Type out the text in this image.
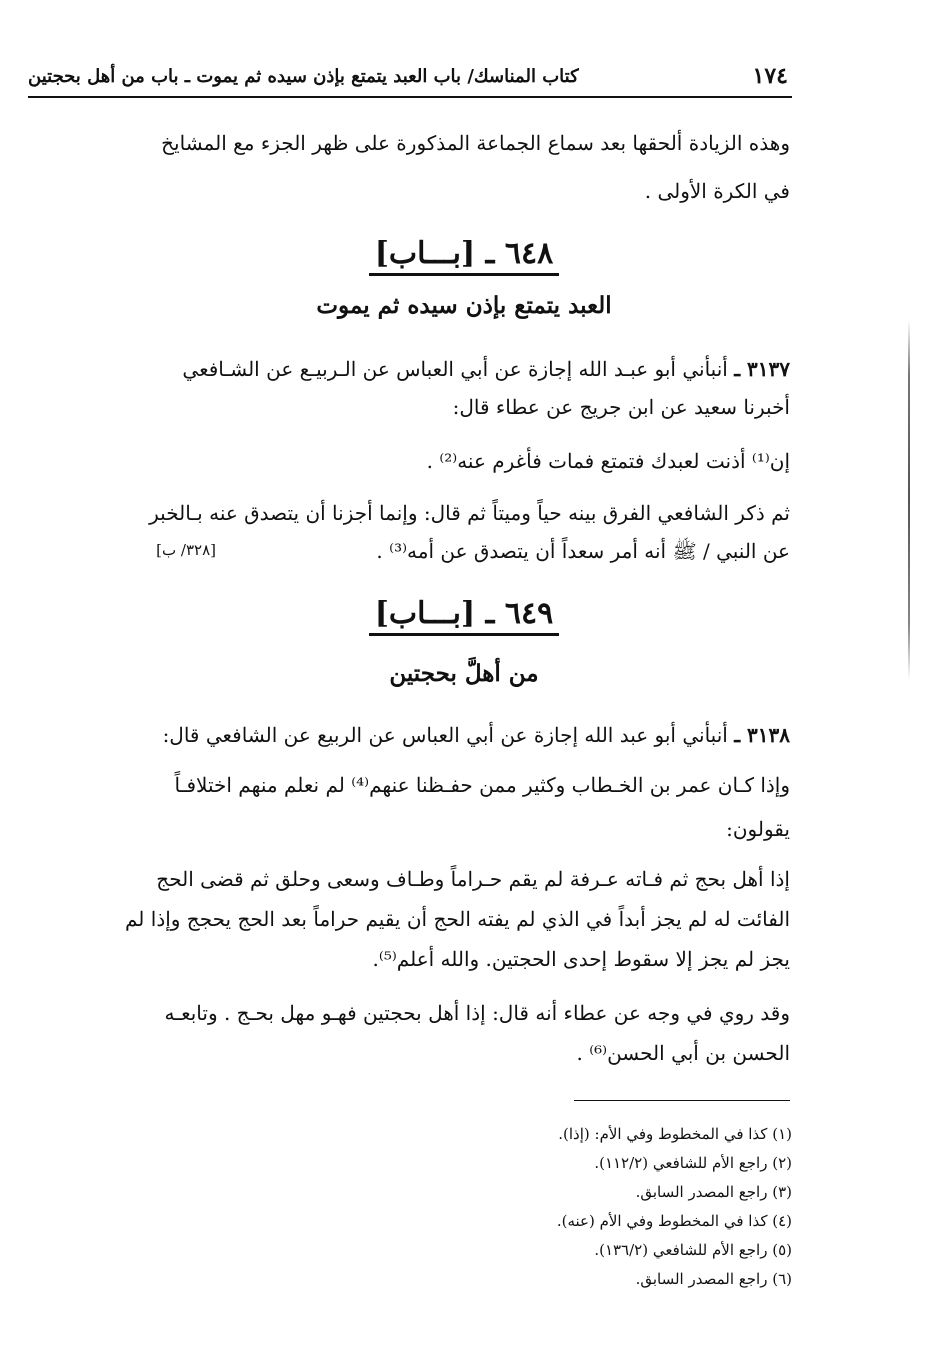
١٧٤
كتاب المناسك/ باب العبد يتمتع بإذن سيده ثم يموت ـ باب من أهل بحجتين
وهذه الزيادة ألحقها بعد سماع الجماعة المذكورة على ظهر الجزء مع المشايخ
في الكرة الأولى .
٦٤٨ ـ [بـــاب]
العبد يتمتع بإذن سيده ثم يموت
٣١٣٧ ـ أنبأني أبو عبـد الله إجازة عن أبي العباس عن الـربيـع عن الشـافعي
أخبرنا سعيد عن ابن جريج عن عطاء قال:
إن⁽¹⁾ أذنت لعبدك فتمتع فمات فأغرم عنه⁽²⁾ .
ثم ذكر الشافعي الفرق بينه حياً وميتاً ثم قال: وإنما أجزنا أن يتصدق عنه بـالخبر
عن النبي / ﷺ أنه أمر سعداً أن يتصدق عن أمه⁽³⁾ .
[٣٢٨/ ب]
٦٤٩ ـ [بـــاب]
من أهلَّ بحجتين
٣١٣٨ ـ أنبأني أبو عبد الله إجازة عن أبي العباس عن الربيع عن الشافعي قال:
وإذا كـان عمر بن الخـطاب وكثير ممن حفـظنا عنهم⁽⁴⁾ لم نعلم منهم اختلافـاً
يقولون:
إذا أهل بحج ثم فـاته عـرفة لم يقم حـراماً وطـاف وسعى وحلق ثم قضى الحج
الفائت له لم يجز أبداً في الذي لم يفته الحج أن يقيم حراماً بعد الحج يحجج وإذا لم
يجز لم يجز إلا سقوط إحدى الحجتين. والله أعلم⁽⁵⁾.
وقد روي في وجه عن عطاء أنه قال: إذا أهل بحجتين فهـو مهل بحـج . وتابعـه
الحسن بن أبي الحسن⁽⁶⁾ .
(١) كذا في المخطوط وفي الأم: (إذا).
(٢) راجع الأم للشافعي (١١٢/٢).
(٣) راجع المصدر السابق.
(٤) كذا في المخطوط وفي الأم (عنه).
(٥) راجع الأم للشافعي (١٣٦/٢).
(٦) راجع المصدر السابق.
